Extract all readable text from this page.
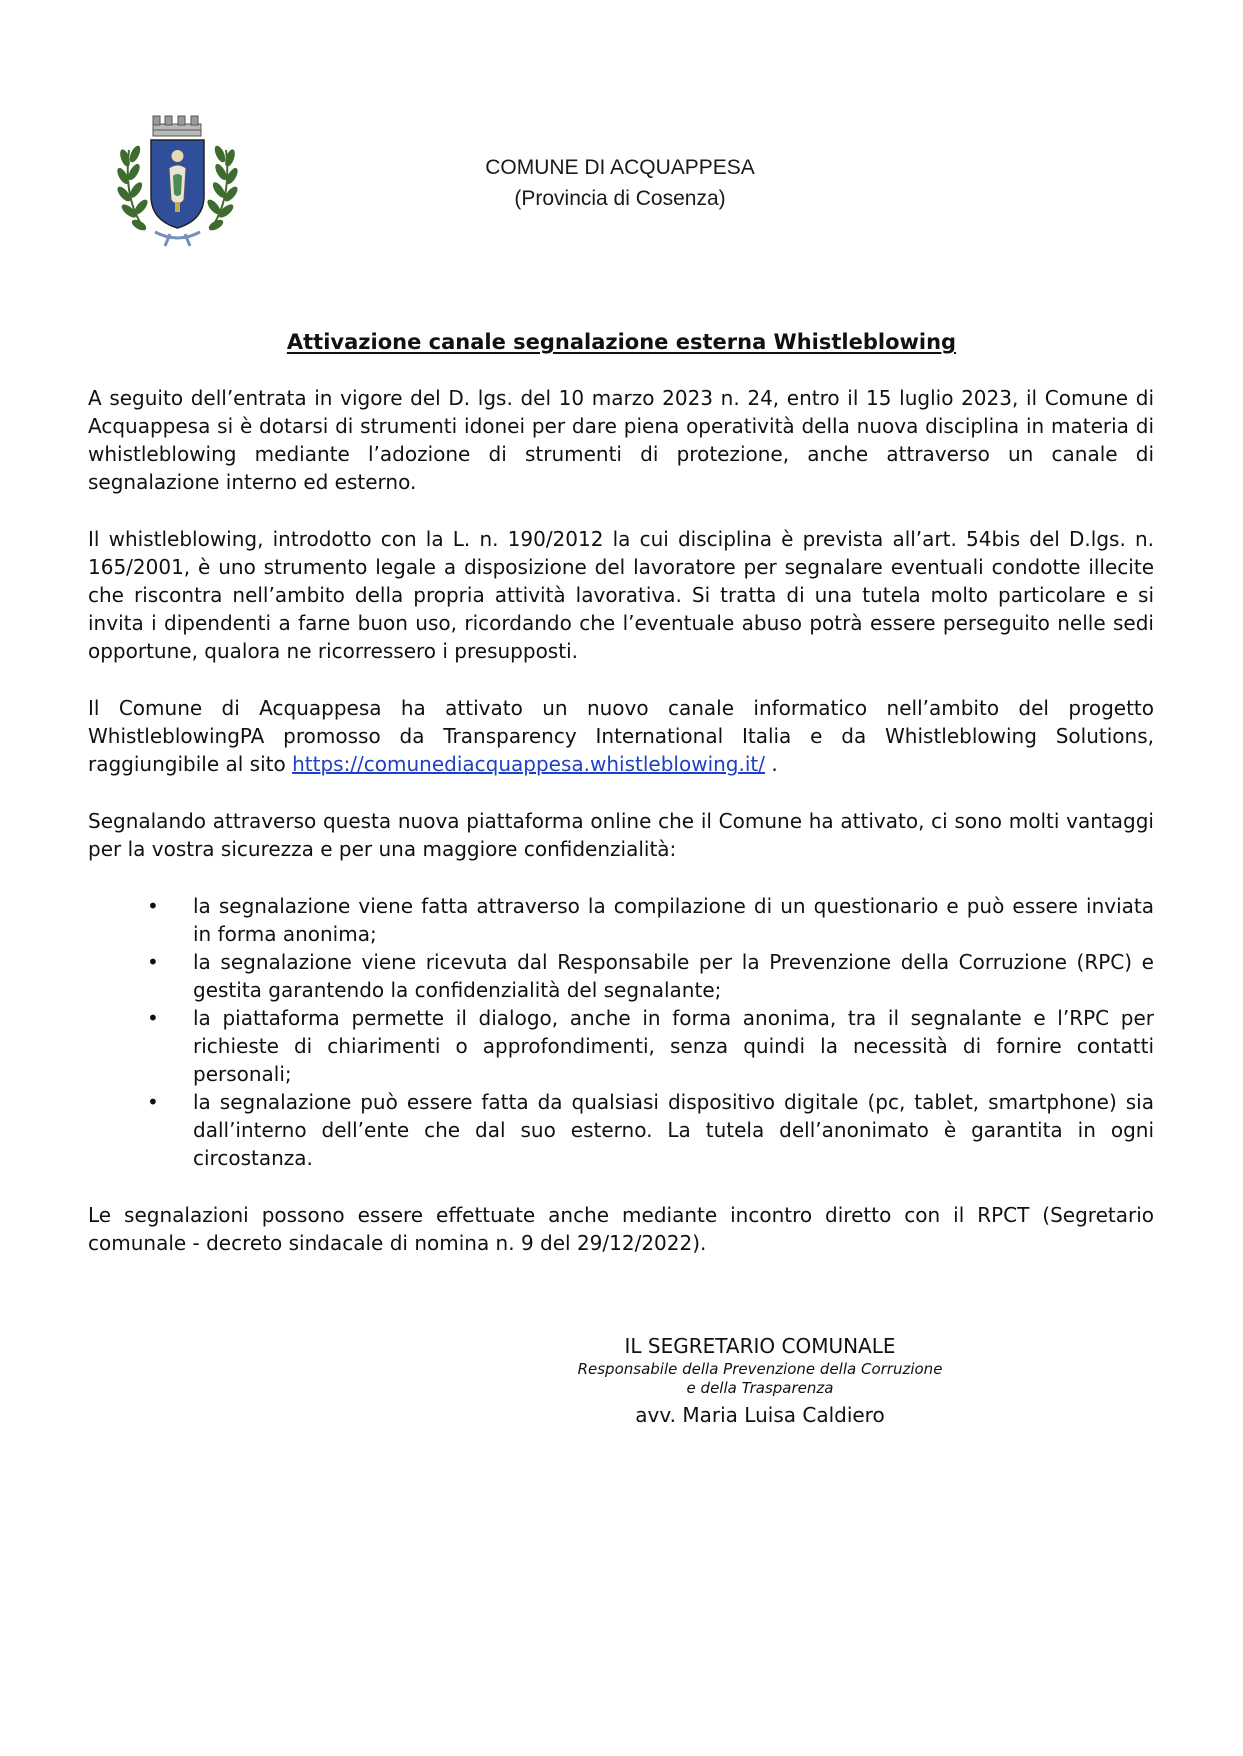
COMUNE DI ACQUAPPESA
(Provincia di Cosenza)
Attivazione canale segnalazione esterna Whistleblowing

A seguito dell’entrata in vigore del D. lgs. del 10 marzo 2023 n. 24, entro il 15 luglio 2023, il Comune di Acquappesa si è dotarsi di strumenti idonei per dare piena operatività della nuova disciplina in materia di whistleblowing mediante l’adozione di strumenti di protezione, anche attraverso un canale di segnalazione interno ed esterno.

Il whistleblowing, introdotto con la L. n. 190/2012 la cui disciplina è prevista all’art. 54bis del D.lgs. n. 165/2001, è uno strumento legale a disposizione del lavoratore per segnalare eventuali condotte illecite che riscontra nell’ambito della propria attività lavorativa. Si tratta di una tutela molto particolare e si invita i dipendenti a farne buon uso, ricordando che l’eventuale abuso potrà essere perseguito nelle sedi opportune, qualora ne ricorressero i presupposti.

Il Comune di Acquappesa ha attivato un nuovo canale informatico nell’ambito del progetto WhistleblowingPA promosso da Transparency International Italia e da Whistleblowing Solutions, raggiungibile al sito https://comunediacquappesa.whistleblowing.it/ .

Segnalando attraverso questa nuova piattaforma online che il Comune ha attivato, ci sono molti vantaggi per la vostra sicurezza e per una maggiore confidenzialità:

• la segnalazione viene fatta attraverso la compilazione di un questionario e può essere inviata in forma anonima;
• la segnalazione viene ricevuta dal Responsabile per la Prevenzione della Corruzione (RPC) e gestita garantendo la confidenzialità del segnalante;
• la piattaforma permette il dialogo, anche in forma anonima, tra il segnalante e l’RPC per richieste di chiarimenti o approfondimenti, senza quindi la necessità di fornire contatti personali;
• la segnalazione può essere fatta da qualsiasi dispositivo digitale (pc, tablet, smartphone) sia dall’interno dell’ente che dal suo esterno. La tutela dell’anonimato è garantita in ogni circostanza.

Le segnalazioni possono essere effettuate anche mediante incontro diretto con il RPCT (Segretario comunale - decreto sindacale di nomina n. 9 del 29/12/2022).

IL SEGRETARIO COMUNALE
Responsabile della Prevenzione della Corruzione
e della Trasparenza
avv. Maria Luisa Caldiero
